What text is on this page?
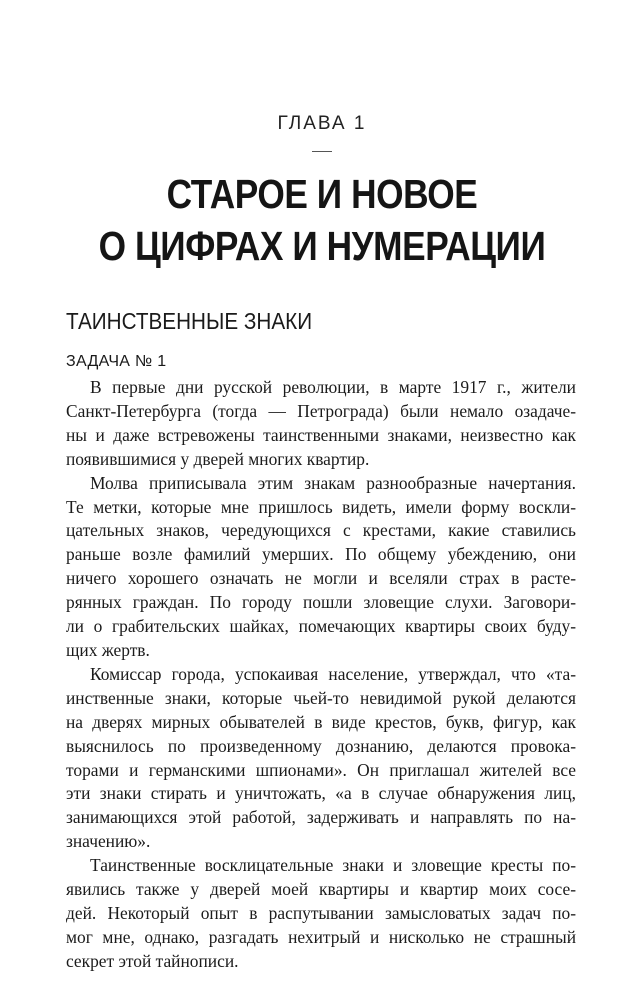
ГЛАВА 1
СТАРОЕ И НОВОЕ
О ЦИФРАХ И НУМЕРАЦИИ
ТАИНСТВЕННЫЕ ЗНАКИ
ЗАДАЧА № 1
В первые дни русской революции, в марте 1917 г., жители
Санкт-Петербурга (тогда — Петрограда) были немало озадаче-
ны и даже встревожены таинственными знаками, неизвестно как
появившимися у дверей многих квартир.
Молва приписывала этим знакам разнообразные начертания.
Те метки, которые мне пришлось видеть, имели форму воскли-
цательных знаков, чередующихся с крестами, какие ставились
раньше возле фамилий умерших. По общему убеждению, они
ничего хорошего означать не могли и вселяли страх в расте-
рянных граждан. По городу пошли зловещие слухи. Заговори-
ли о грабительских шайках, помечающих квартиры своих буду-
щих жертв.
Комиссар города, успокаивая население, утверждал, что «та-
инственные знаки, которые чьей-то невидимой рукой делаются
на дверях мирных обывателей в виде крестов, букв, фигур, как
выяснилось по произведенному дознанию, делаются провока-
торами и германскими шпионами». Он приглашал жителей все
эти знаки стирать и уничтожать, «а в случае обнаружения лиц,
занимающихся этой работой, задерживать и направлять по на-
значению».
Таинственные восклицательные знаки и зловещие кресты по-
явились также у дверей моей квартиры и квартир моих сосе-
дей. Некоторый опыт в распутывании замысловатых задач по-
мог мне, однако, разгадать нехитрый и нисколько не страшный
секрет этой тайнописи.
